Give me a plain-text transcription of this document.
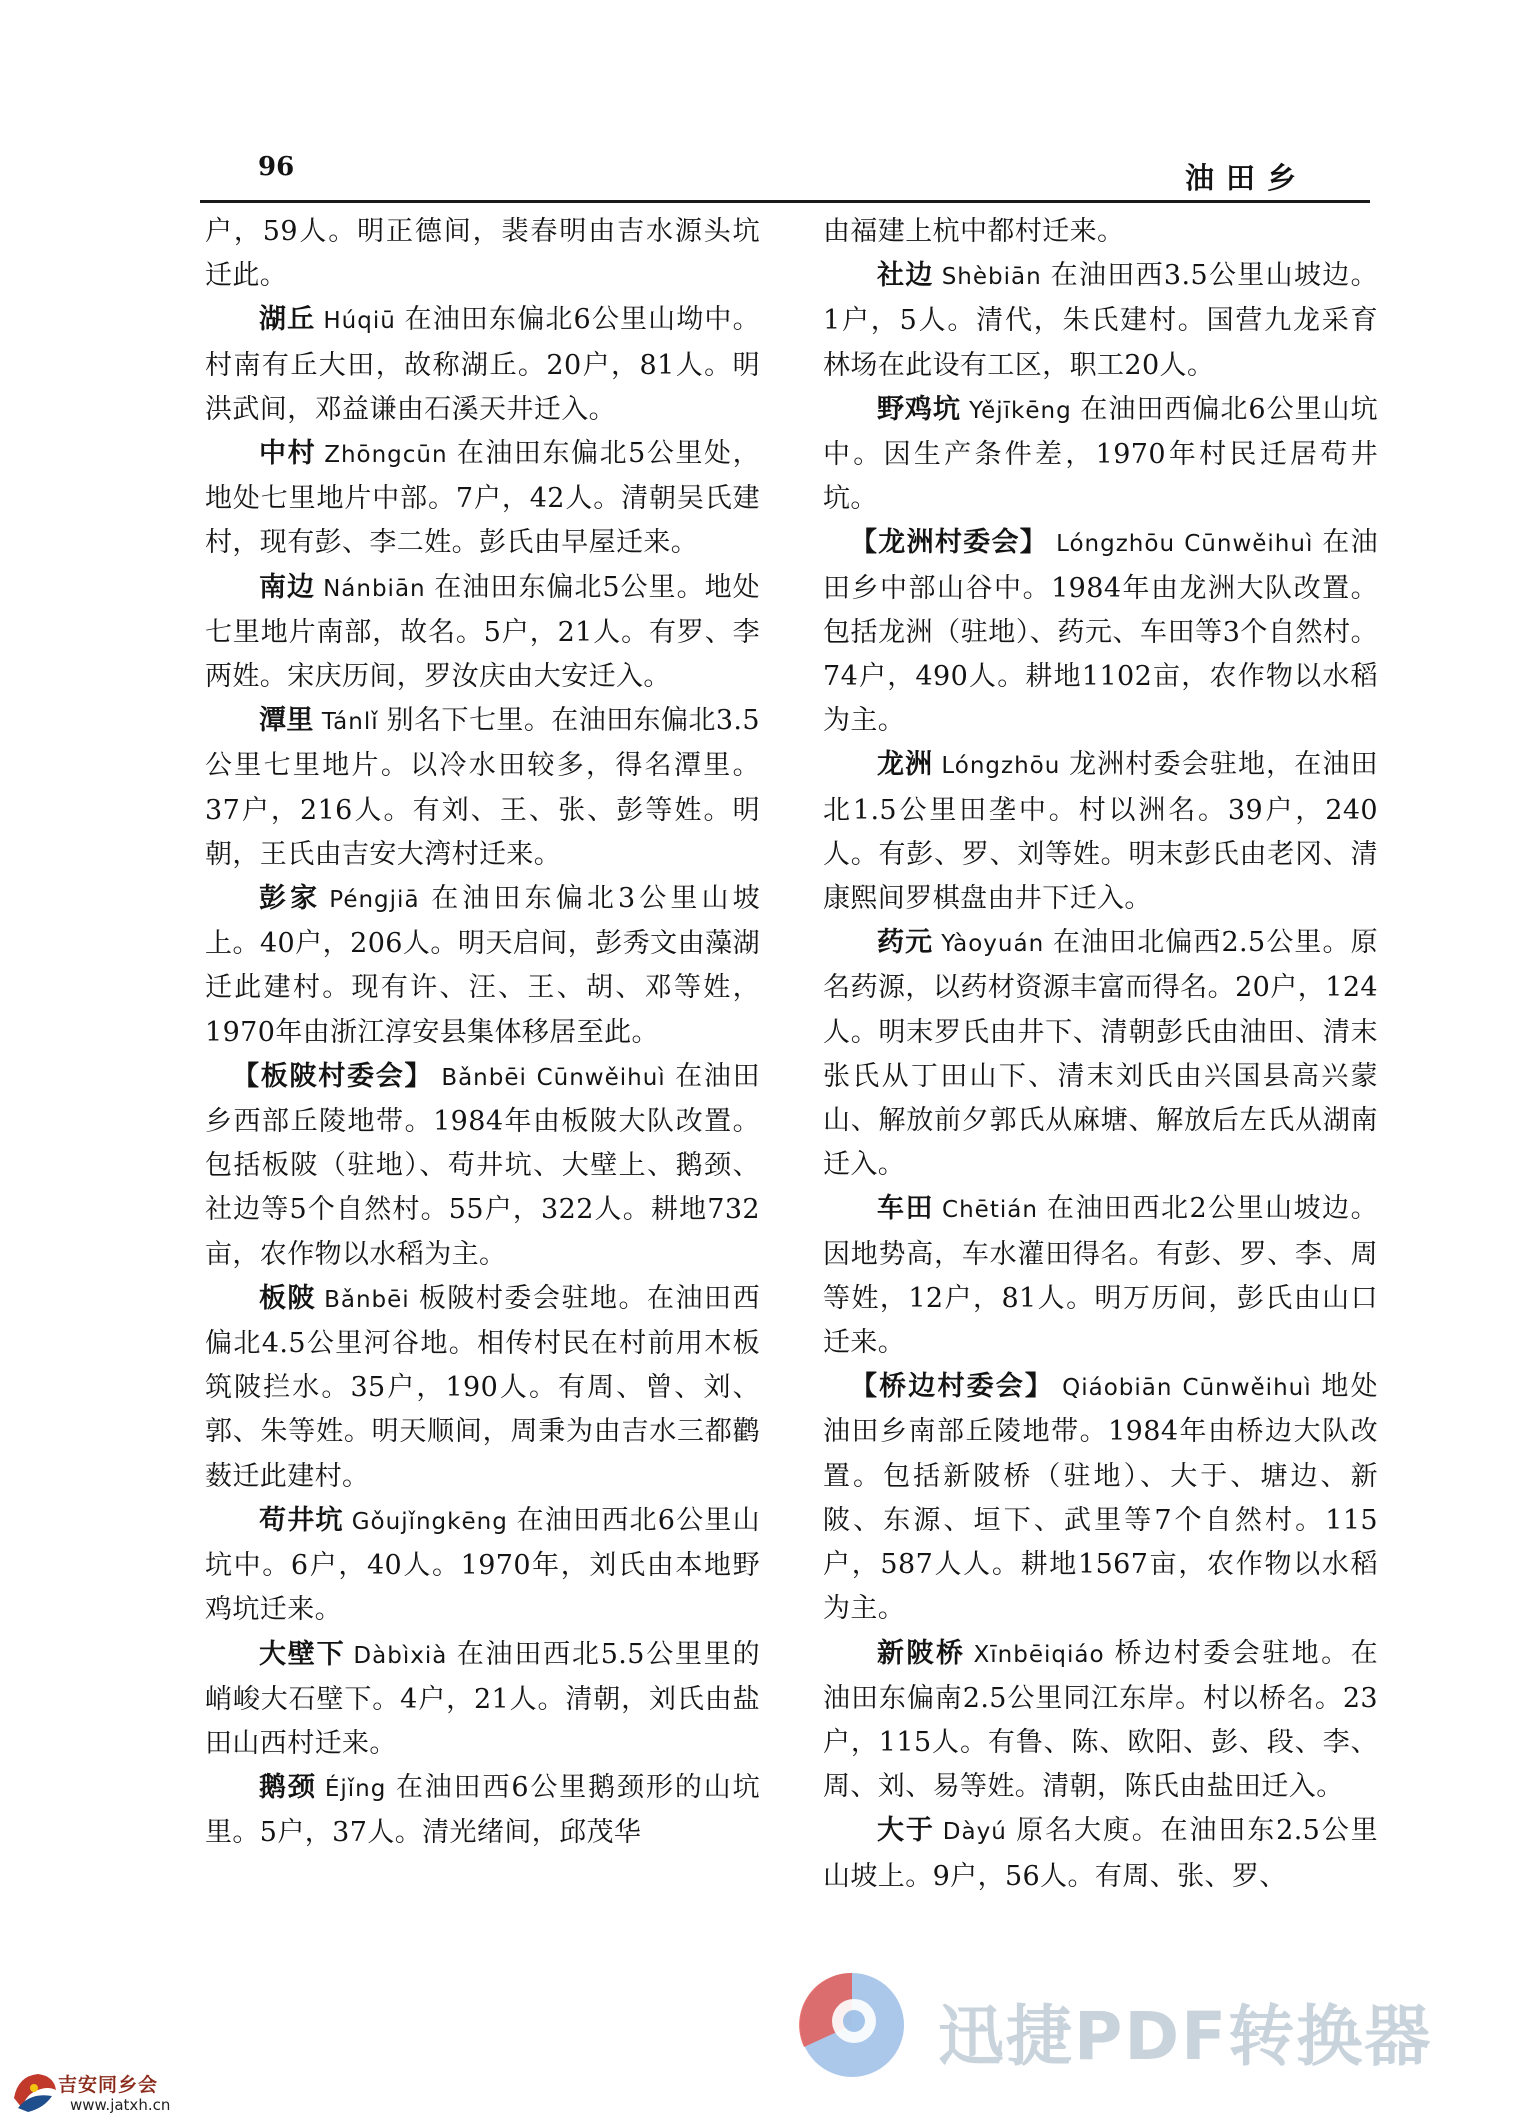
96	油田乡

户，59人。明正德间，裴春明由吉水源头坑迁此。

湖丘 Húqiū 在油田东偏北6公里山坳中。村南有丘大田，故称湖丘。20户，81人。明洪武间，邓益谦由石溪天井迁入。

中村 Zhōngcūn 在油田东偏北5公里处，地处七里地片中部。7户，42人。清朝吴氏建村，现有彭、李二姓。彭氏由早屋迁来。

南边 Nánbiān 在油田东偏北5公里。地处七里地片南部，故名。5户，21人。有罗、李两姓。宋庆历间，罗汝庆由大安迁入。

潭里 Tánlǐ 别名下七里。在油田东偏北3.5公里七里地片。以冷水田较多，得名潭里。37户，216人。有刘、王、张、彭等姓。明朝，王氏由吉安大湾村迁来。

彭家 Péngjiā 在油田东偏北3公里山坡上。40户，206人。明天启间，彭秀文由藻湖迁此建村。现有许、汪、王、胡、邓等姓，1970年由浙江淳安县集体移居至此。

【板陂村委会】 Bǎnbēi Cūnwěihuì 在油田乡西部丘陵地带。1984年由板陂大队改置。包括板陂（驻地）、苟井坑、大壁上、鹅颈、社边等5个自然村。55户，322人。耕地732亩，农作物以水稻为主。

板陂 Bǎnbēi 板陂村委会驻地。在油田西偏北4.5公里河谷地。相传村民在村前用木板筑陂拦水。35户，190人。有周、曾、刘、郭、朱等姓。明天顺间，周秉为由吉水三都鹳薮迁此建村。

苟井坑 Gǒujǐngkēng 在油田西北6公里山坑中。6户，40人。1970年，刘氏由本地野鸡坑迁来。

大壁下 Dàbìxià 在油田西北5.5公里里的峭峻大石壁下。4户，21人。清朝，刘氏由盐田山西村迁来。

鹅颈 Éjǐng 在油田西6公里鹅颈形的山坑里。5户，37人。清光绪间，邱茂华

由福建上杭中都村迁来。

社边 Shèbiān 在油田西3.5公里山坡边。1户，5人。清代，朱氏建村。国营九龙采育林场在此设有工区，职工20人。

野鸡坑 Yějīkēng 在油田西偏北6公里山坑中。因生产条件差，1970年村民迁居苟井坑。

【龙洲村委会】 Lóngzhōu Cūnwěihuì 在油田乡中部山谷中。1984年由龙洲大队改置。包括龙洲（驻地）、药元、车田等3个自然村。74户，490人。耕地1102亩，农作物以水稻为主。

龙洲 Lóngzhōu 龙洲村委会驻地，在油田北1.5公里田垄中。村以洲名。39户，240人。有彭、罗、刘等姓。明末彭氏由老冈、清康熙间罗棋盘由井下迁入。

药元 Yàoyuán 在油田北偏西2.5公里。原名药源，以药材资源丰富而得名。20户，124人。明末罗氏由井下、清朝彭氏由油田、清末张氏从丁田山下、清末刘氏由兴国县高兴蒙山、解放前夕郭氏从麻塘、解放后左氏从湖南迁入。

车田 Chētián 在油田西北2公里山坡边。因地势高，车水灌田得名。有彭、罗、李、周等姓，12户，81人。明万历间，彭氏由山口迁来。

【桥边村委会】 Qiáobiān Cūnwěihuì 地处油田乡南部丘陵地带。1984年由桥边大队改置。包括新陂桥（驻地）、大于、塘边、新陂、东源、垣下、武里等7个自然村。115户，587人人。耕地1567亩，农作物以水稻为主。

新陂桥 Xīnbēiqiáo 桥边村委会驻地。在油田东偏南2.5公里同江东岸。村以桥名。23户，115人。有鲁、陈、欧阳、彭、段、李、周、刘、易等姓。清朝，陈氏由盐田迁入。

大于 Dàyú 原名大庾。在油田东2.5公里山坡上。9户，56人。有周、张、罗、

迅捷PDF转换器
吉安同乡会
www.jatxh.cn
